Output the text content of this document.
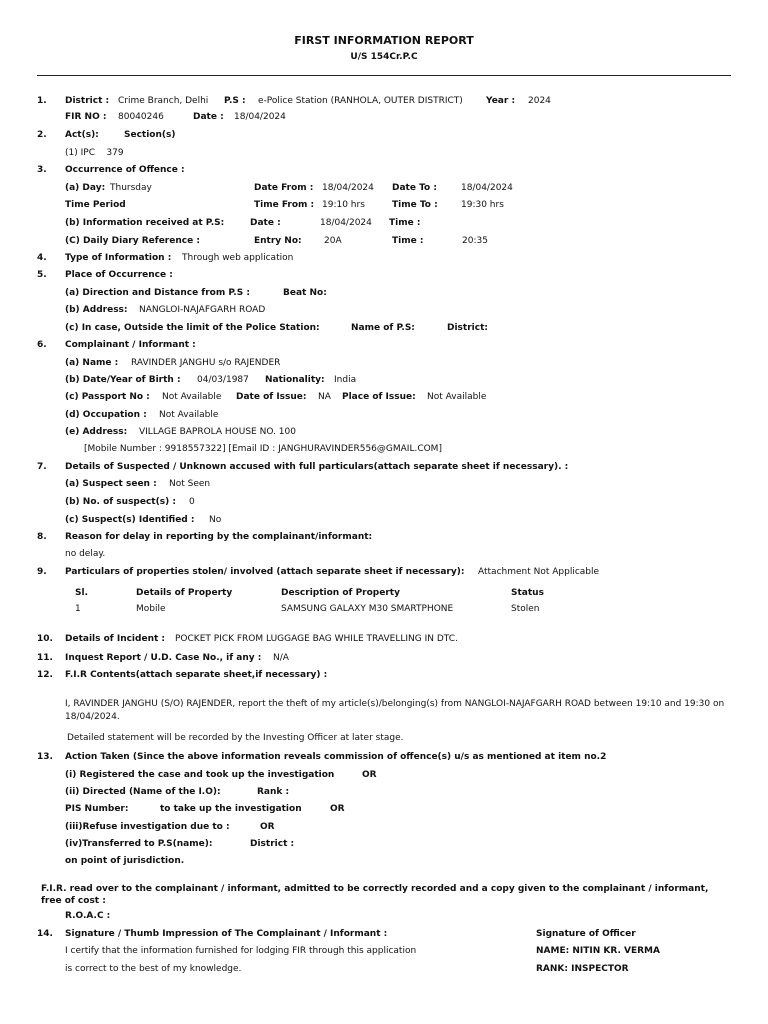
FIRST INFORMATION REPORT
U/S 154Cr.P.C
1. District : Crime Branch, Delhi P.S : e-Police Station (RANHOLA, OUTER DISTRICT)	Year : 2024
FIR NO : 80040246	Date : 18/04/2024
2. Act(s):	Section(s)
(1) IPC    379
3. Occurrence of Offence :
(a) Day: Thursday	Date From : 18/04/2024 Date To :	18/04/2024
Time Period	Time From : 19:10 hrs	Time To :	19:30 hrs
(b) Information received at P.S:	Date :	18/04/2024 Time :
(C) Daily Diary Reference :	Entry No: 20A	Time :	20:35
4. Type of Information : Through web application
5. Place of Occurrence :
(a) Direction and Distance from P.S :	Beat No:
(b) Address: NANGLOI-NAJAFGARH ROAD
(c) In case, Outside the limit of the Police Station:	Name of P.S:	District:
6. Complainant / Informant :
(a) Name : RAVINDER JANGHU s/o RAJENDER
(b) Date/Year of Birth : 04/03/1987 Nationality: India
(c) Passport No : Not Available Date of Issue: NA Place of Issue: Not Available
(d) Occupation : Not Available
(e) Address: VILLAGE BAPROLA HOUSE NO. 100
[Mobile Number : 9918557322] [Email ID : JANGHURAVINDER556@GMAIL.COM]
7. Details of Suspected / Unknown accused with full particulars(attach separate sheet if necessary). :
(a) Suspect seen : Not Seen
(b) No. of suspect(s) : 0
(c) Suspect(s) Identified : No
8. Reason for delay in reporting by the complainant/informant:
no delay.
9. Particulars of properties stolen/ involved (attach separate sheet if necessary): Attachment Not Applicable
Sl.	Details of Property	Description of Property	Status
1	Mobile	SAMSUNG GALAXY M30 SMARTPHONE	Stolen
10. Details of Incident : POCKET PICK FROM LUGGAGE BAG WHILE TRAVELLING IN DTC.
11. Inquest Report / U.D. Case No., if any : N/A
12. F.I.R Contents(attach separate sheet,if necessary) :
I, RAVINDER JANGHU (S/O) RAJENDER, report the theft of my article(s)/belonging(s) from NANGLOI-NAJAFGARH ROAD between 19:10 and 19:30 on 18/04/2024.
Detailed statement will be recorded by the Investing Officer at later stage.
13. Action Taken (Since the above information reveals commission of offence(s) u/s as mentioned at item no.2
(i) Registered the case and took up the investigation	OR
(ii) Directed (Name of the I.O):	Rank :
PIS Number:	to take up the investigation	OR
(iii)Refuse investigation due to :	OR
(iv)Transferred to P.S(name):	District :
on point of jurisdiction.
F.I.R. read over to the complainant / informant, admitted to be correctly recorded and a copy given to the complainant / informant, free of cost :
R.O.A.C :
14. Signature / Thumb Impression of The Complainant / Informant :	Signature of Officer
I certify that the information furnished for lodging FIR through this application	NAME: NITIN KR. VERMA
is correct to the best of my knowledge.	RANK: INSPECTOR
